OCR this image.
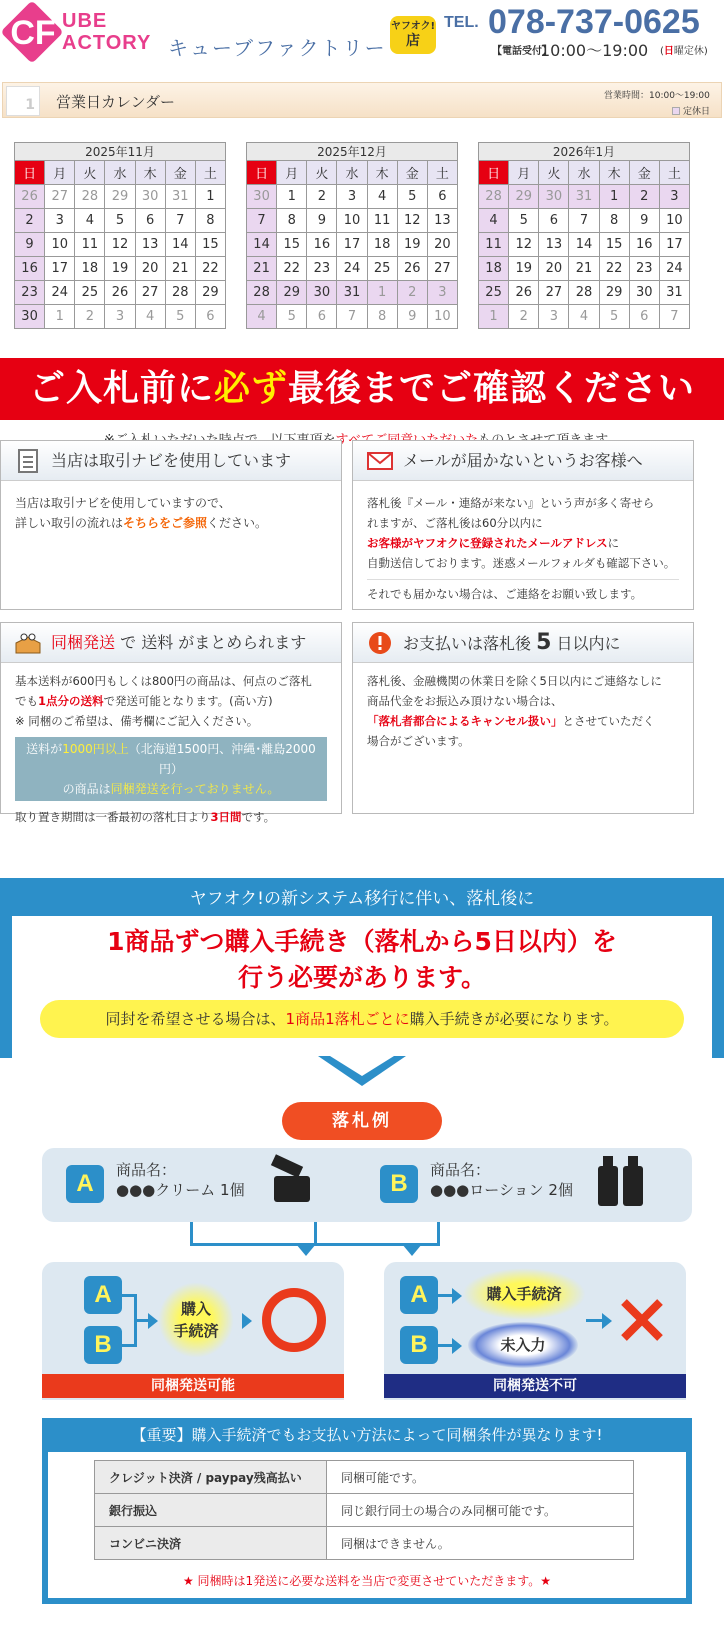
CF UBE
ACTORY キューブファクトリー
ヤフオク!
店
TEL. 078-737-0625
【電話受付】
10:00〜19:00 (日曜定休)
1	営業日カレンダー	営業時間：10:00〜19:00
定休日
2025年11月
日	月	火	水	木	金	土
26	27	28	29	30	31	1
2	3	4	5	6	7	8
9	10	11	12	13	14	15
16	17	18	19	20	21	22
23	24	25	26	27	28	29
30	1	2	3	4	5	6
2025年12月
日	月	火	水	木	金	土
30	1	2	3	4	5	6
7	8	9	10	11	12	13
14	15	16	17	18	19	20
21	22	23	24	25	26	27
28	29	30	31	1	2	3
4	5	6	7	8	9	10
2026年1月
日	月	火	水	木	金	土
28	29	30	31	1	2	3
4	5	6	7	8	9	10
11	12	13	14	15	16	17
18	19	20	21	22	23	24
25	26	27	28	29	30	31
1	2	3	4	5	6	7
ご入札前に必ず最後までご確認ください
当店は取引ナビを使用しています
当店は取引ナビを使用していますので、
詳しい取引の流れはそちらをご参照ください。
メールが届かないというお客様へ
落札後『メール・連絡が来ない』という声が多く寄せら
れますが、ご落札後は60分以内に
お客様がヤフオクに登録されたメールアドレスに
自動送信しております。迷惑メールフォルダも確認下さい。
それでも届かない場合は、ご連絡をお願い致します。
同梱発送 で 送料 がまとめられます
基本送料が600円もしくは800円の商品は、何点のご落札
でも1点分の送料で発送可能となります。(高い方)
※ 同梱のご希望は、備考欄にご記入ください。
送料が1000円以上（北海道1500円、沖縄･離島2000円）
の商品は同梱発送を行っておりません。
取り置き期間は一番最初の落札日より3日間です。
お支払いは落札後 5 日以内に
落札後、金融機関の休業日を除く5日以内にご連絡なしに
商品代金をお振込み頂けない場合は、
「落札者都合によるキャンセル扱い」とさせていただく
場合がございます。
ヤフオク!の新システム移行に伴い、落札後に
1商品ずつ購入手続き（落札から5日以内）を
行う必要があります。
同封を希望させる場合は、1商品1落札ごとに購入手続きが必要になります。
落札例
A	商品名：
●●●クリーム 1個	B	商品名：
●●●ローション 2個
A
B
購入
手続済
同梱発送可能
A
B
購入手続済
未入力
同梱発送不可
【重要】購入手続済でもお支払い方法によって同梱条件が異なります!
クレジット決済 / paypay残高払い	同梱可能です。
銀行振込	同じ銀行同士の場合のみ同梱可能です。
コンビニ決済	同梱はできません。
★ 同梱時は1発送に必要な送料を当店で変更させていただきます。★
